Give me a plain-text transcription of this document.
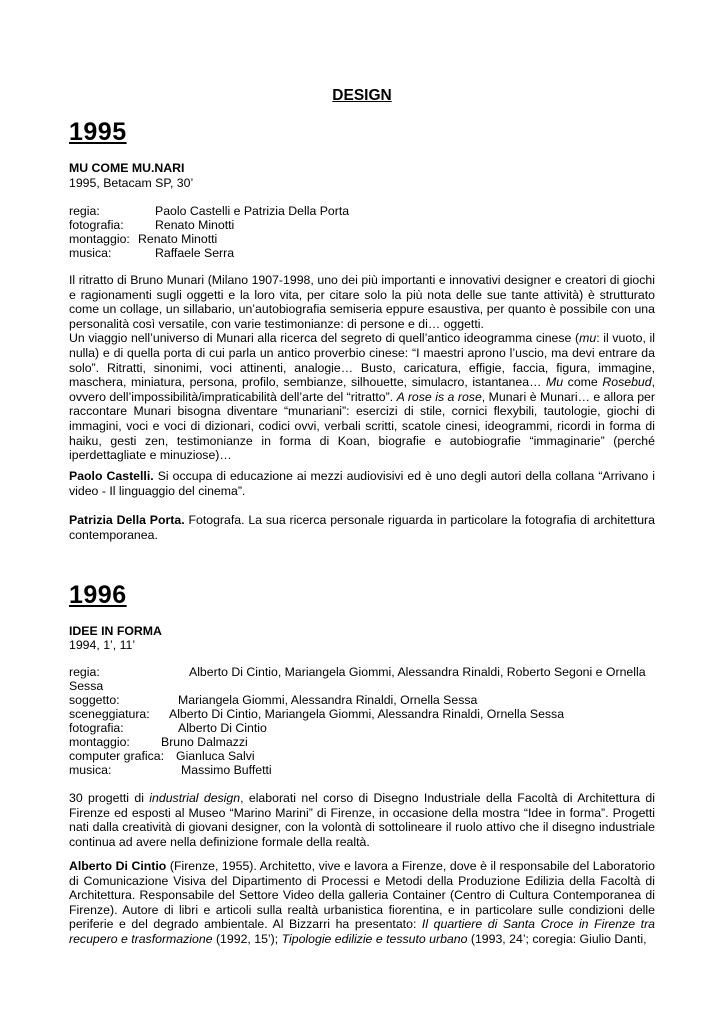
DESIGN
1995
MU COME MU.NARI
1995, Betacam SP, 30’
regia:	Paolo Castelli e Patrizia Della Porta
fotografia:	Renato Minotti
montaggio: Renato Minotti
musica:	Raffaele Serra

Il ritratto di Bruno Munari (Milano 1907-1998, uno dei più importanti e innovativi designer e creatori di giochi e ragionamenti sugli oggetti e la loro vita, per citare solo la più nota delle sue tante attività) è strutturato come un collage, un sillabario, un’autobiografia semiseria eppure esaustiva, per quanto è possibile con una personalità così versatile, con varie testimonianze: di persone e di… oggetti.

Un viaggio nell’universo di Munari alla ricerca del segreto di quell’antico ideogramma cinese (mu: il vuoto, il nulla) e di quella porta di cui parla un antico proverbio cinese: “I maestri aprono l’uscio, ma devi entrare da solo”. Ritratti, sinonimi, voci attinenti, analogie… Busto, caricatura, effigie, faccia, figura, immagine, maschera, miniatura, persona, profilo, sembianze, silhouette, simulacro, istantanea… Mu come Rosebud, ovvero dell’impossibilità/impraticabilità dell’arte del “ritratto”. A rose is a rose, Munari è Munari… e allora per raccontare Munari bisogna diventare “munariani”: esercizi di stile, cornici flexybili, tautologie, giochi di immagini, voci e voci di dizionari, codici ovvi, verbali scritti, scatole cinesi, ideogrammi, ricordi in forma di haiku, gesti zen, testimonianze in forma di Koan, biografie e autobiografie “immaginarie” (perché iperdettagliate e minuziose)…

Paolo Castelli. Si occupa di educazione ai mezzi audiovisivi ed è uno degli autori della collana “Arrivano i video - Il linguaggio del cinema”.

Patrizia Della Porta. Fotografa. La sua ricerca personale riguarda in particolare la fotografia di architettura contemporanea.

1996
IDEE IN FORMA
1994, 1’, 11’
regia:	Alberto Di Cintio, Mariangela Giommi, Alessandra Rinaldi, Roberto Segoni e Ornella
Sessa
soggetto:	Mariangela Giommi, Alessandra Rinaldi, Ornella Sessa
sceneggiatura: Alberto Di Cintio, Mariangela Giommi, Alessandra Rinaldi, Ornella Sessa
fotografia:	Alberto Di Cintio
montaggio:	Bruno Dalmazzi
computer grafica: Gianluca Salvi
musica:	Massimo Buffetti

30 progetti di industrial design, elaborati nel corso di Disegno Industriale della Facoltà di Architettura di Firenze ed esposti al Museo “Marino Marini” di Firenze, in occasione della mostra “Idee in forma”. Progetti nati dalla creatività di giovani designer, con la volontà di sottolineare il ruolo attivo che il disegno industriale continua ad avere nella definizione formale della realtà.

Alberto Di Cintio (Firenze, 1955). Architetto, vive e lavora a Firenze, dove è il responsabile del Laboratorio di Comunicazione Visiva del Dipartimento di Processi e Metodi della Produzione Edilizia della Facoltà di Architettura. Responsabile del Settore Video della galleria Container (Centro di Cultura Contemporanea di Firenze). Autore di libri e articoli sulla realtà urbanistica fiorentina, e in particolare sulle condizioni delle periferie e del degrado ambientale. Al Bizzarri ha presentato: Il quartiere di Santa Croce in Firenze tra recupero e trasformazione (1992, 15’); Tipologie edilizie e tessuto urbano (1993, 24’; coregia: Giulio Danti,
